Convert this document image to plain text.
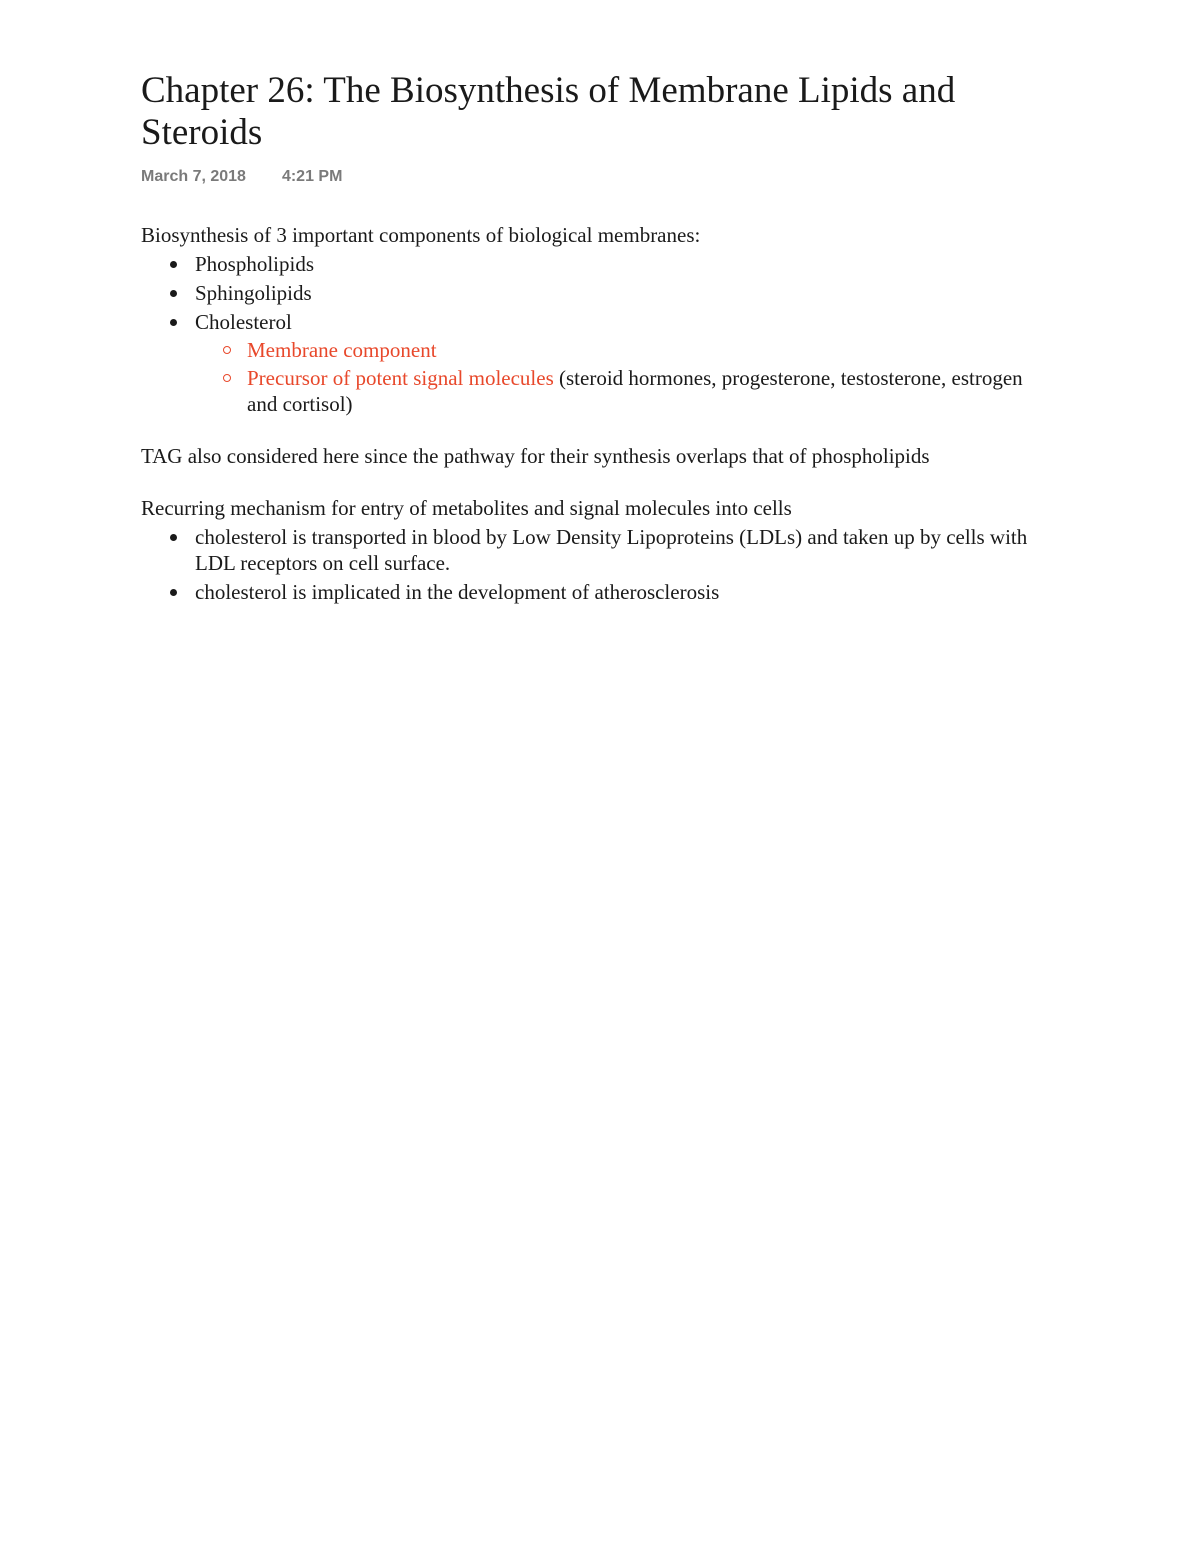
Chapter 26: The Biosynthesis of Membrane Lipids and Steroids
March 7, 2018 4:21 PM

Biosynthesis of 3 important components of biological membranes:

Phospholipids
Sphingolipids
Cholesterol
Membrane component
Precursor of potent signal molecules (steroid hormones, progesterone, testosterone, estrogen and cortisol)

TAG also considered here since the pathway for their synthesis overlaps that of phospholipids

Recurring mechanism for entry of metabolites and signal molecules into cells

cholesterol is transported in blood by Low Density Lipoproteins (LDLs) and taken up by cells with LDL receptors on cell surface.
cholesterol is implicated in the development of atherosclerosis
